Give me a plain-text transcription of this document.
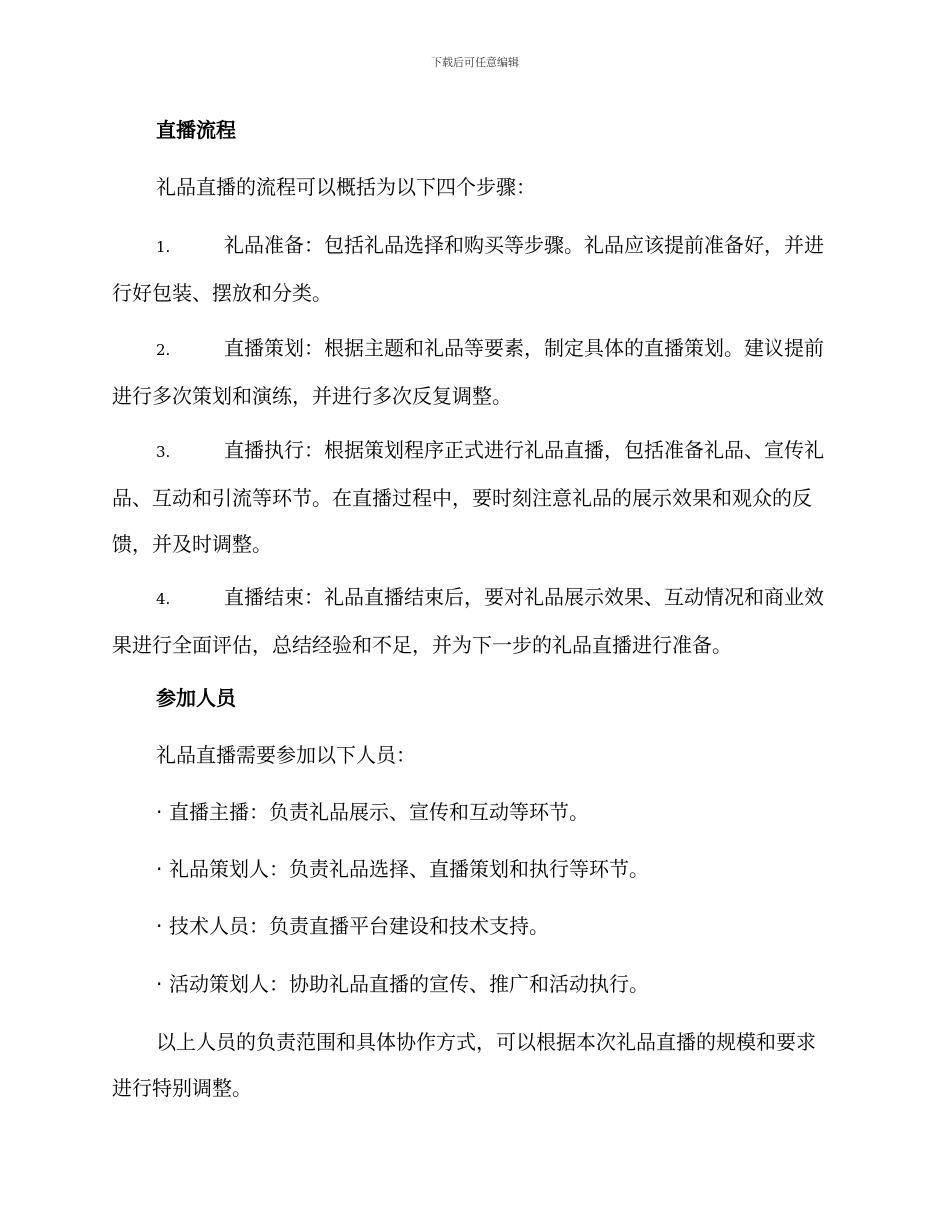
下载后可任意编辑
直播流程
礼品直播的流程可以概括为以下四个步骤：
1.	礼品准备：包括礼品选择和购买等步骤。礼品应该提前准备好，并进行好包装、摆放和分类。
2.	直播策划：根据主题和礼品等要素，制定具体的直播策划。建议提前进行多次策划和演练，并进行多次反复调整。
3.	直播执行：根据策划程序正式进行礼品直播，包括准备礼品、宣传礼品、互动和引流等环节。在直播过程中，要时刻注意礼品的展示效果和观众的反馈，并及时调整。
4.	直播结束：礼品直播结束后，要对礼品展示效果、互动情况和商业效果进行全面评估，总结经验和不足，并为下一步的礼品直播进行准备。
参加人员
礼品直播需要参加以下人员：
· 直播主播：负责礼品展示、宣传和互动等环节。
· 礼品策划人：负责礼品选择、直播策划和执行等环节。
· 技术人员：负责直播平台建设和技术支持。
· 活动策划人：协助礼品直播的宣传、推广和活动执行。
以上人员的负责范围和具体协作方式，可以根据本次礼品直播的规模和要求进行特别调整。
